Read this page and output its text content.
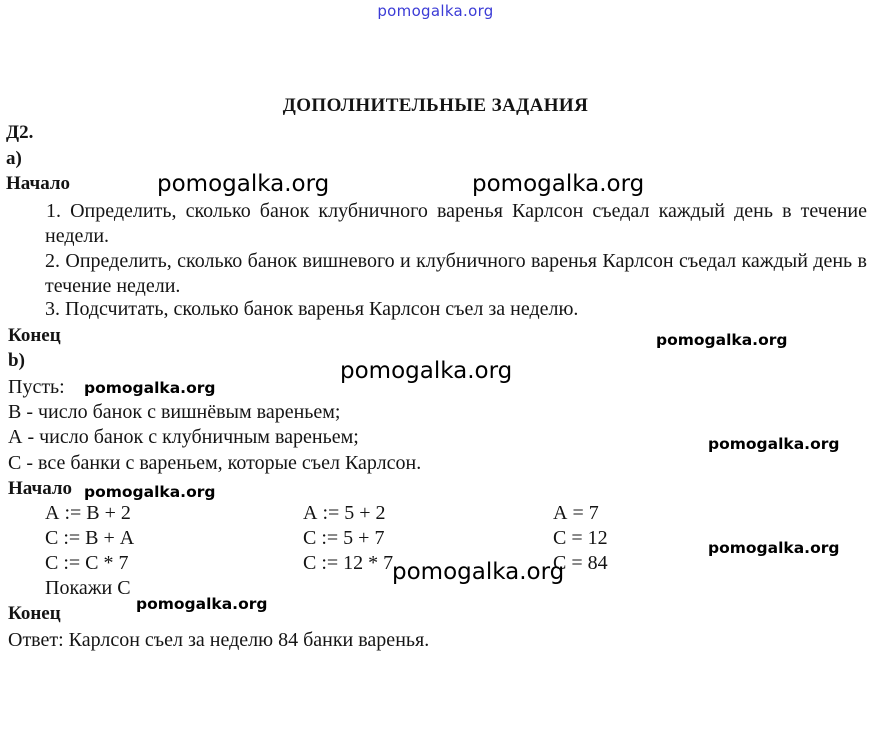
pomogalka.org
ДОПОЛНИТЕЛЬНЫЕ ЗАДАНИЯ
Д2.
а)
Начало
1. Определить, сколько банок клубничного варенья Карлсон съедал каждый день в течение недели.
2. Определить, сколько банок вишневого и клубничного варенья Карлсон съедал каждый день в течение недели.
3. Подсчитать, сколько банок варенья Карлсон съел за неделю.
Конец
b)
Пусть:
В - число банок с вишнёвым вареньем;
А - число банок с клубничным вареньем;
С - все банки с вареньем, которые съел Карлсон.
Начало
А := В + 2	А := 5 + 2	А = 7
С := В + А	С := 5 + 7	С = 12
С := С * 7	С := 12 * 7	С = 84
Покажи С
Конец
Ответ: Карлсон съел за неделю 84 банки варенья.
pomogalka.org	pomogalka.org
pomogalka.org
pomogalka.org
pomogalka.org
pomogalka.org
pomogalka.org
pomogalka.org
pomogalka.org
pomogalka.org
